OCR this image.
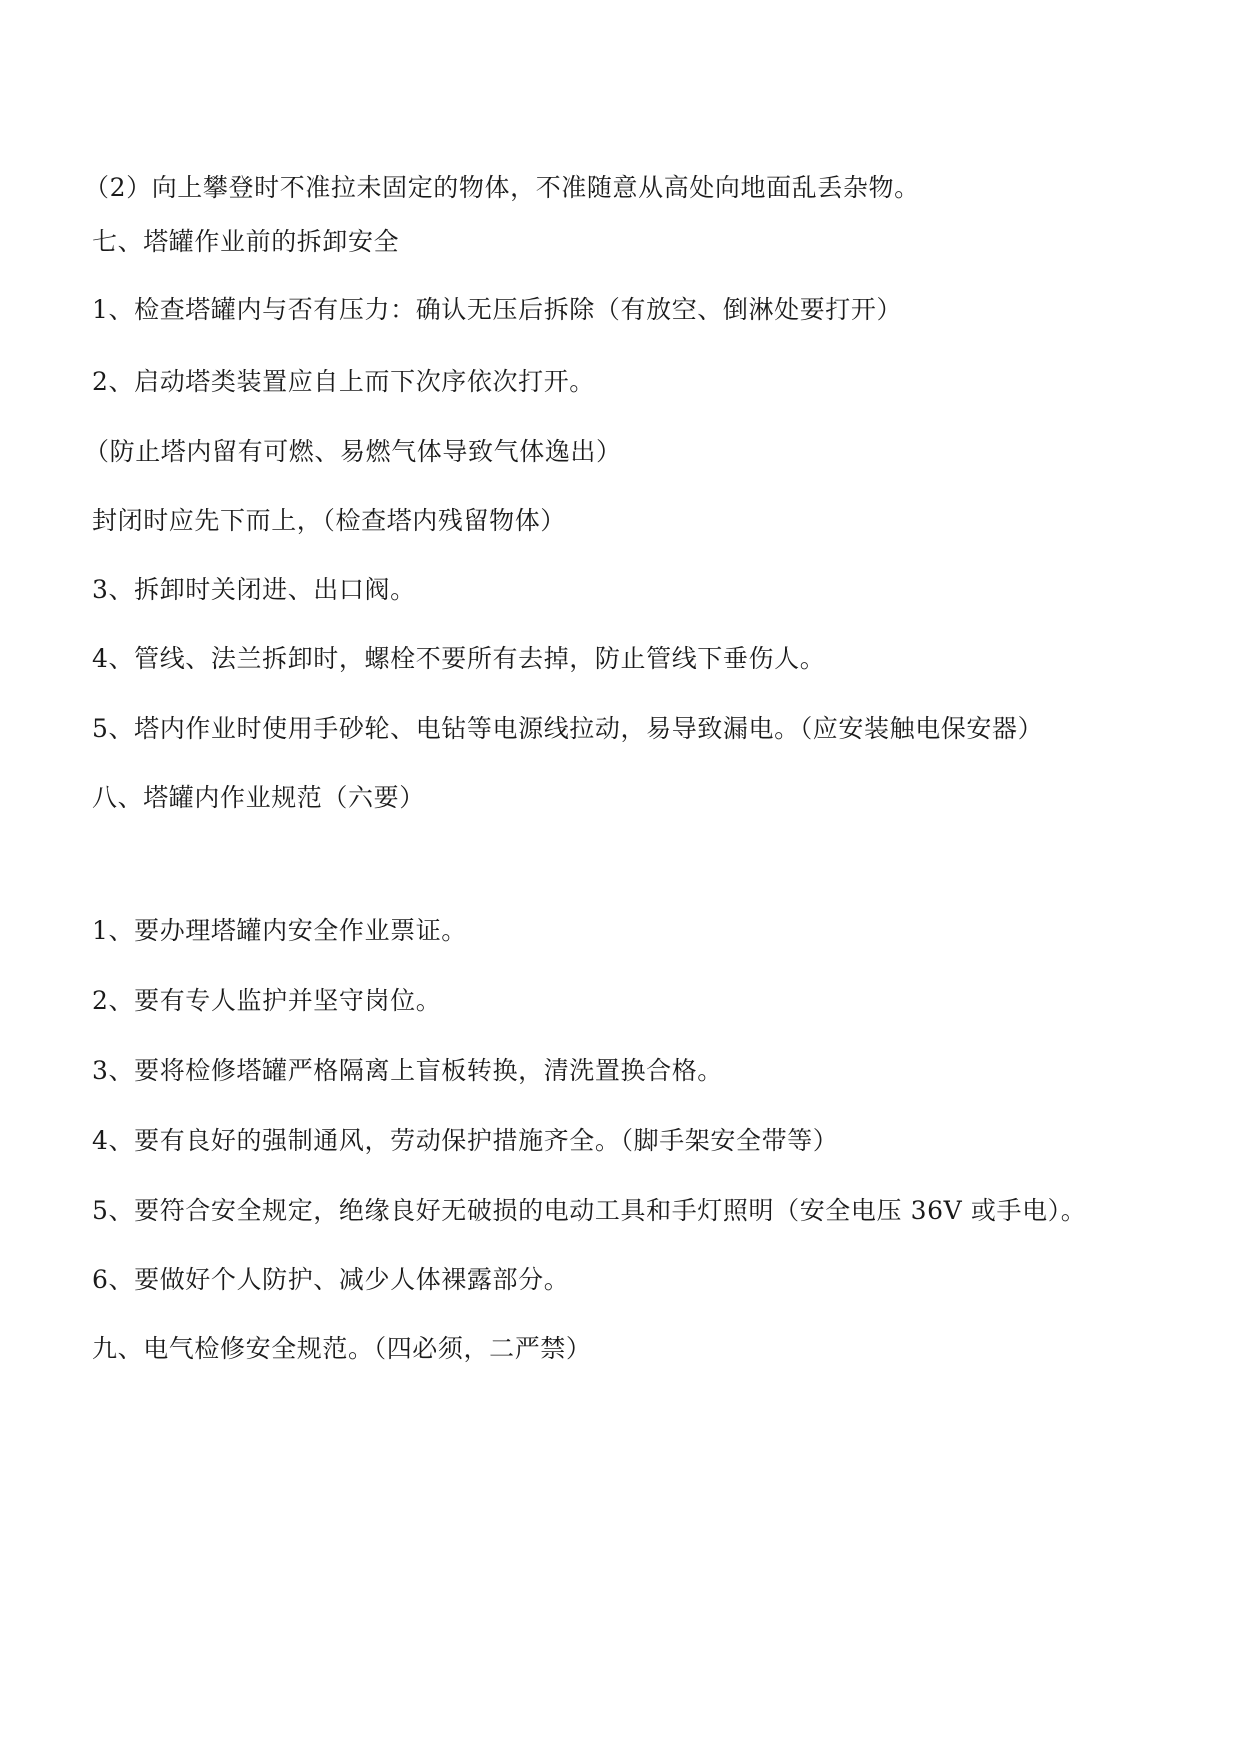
（2）向上攀登时不准拉未固定的物体，不准随意从高处向地面乱丢杂物。
七、塔罐作业前的拆卸安全
1、检查塔罐内与否有压力：确认无压后拆除（有放空、倒淋处要打开）
2、启动塔类装置应自上而下次序依次打开。
（防止塔内留有可燃、易燃气体导致气体逸出）
封闭时应先下而上，（检查塔内残留物体）
3、拆卸时关闭进、出口阀。
4、管线、法兰拆卸时，螺栓不要所有去掉，防止管线下垂伤人。
5、塔内作业时使用手砂轮、电钻等电源线拉动，易导致漏电。（应安装触电保安器）
八、塔罐内作业规范（六要）
1、要办理塔罐内安全作业票证。
2、要有专人监护并坚守岗位。
3、要将检修塔罐严格隔离上盲板转换，清洗置换合格。
4、要有良好的强制通风，劳动保护措施齐全。（脚手架安全带等）
5、要符合安全规定，绝缘良好无破损的电动工具和手灯照明（安全电压 36V 或手电）。
6、要做好个人防护、减少人体裸露部分。
九、电气检修安全规范。（四必须，二严禁）
